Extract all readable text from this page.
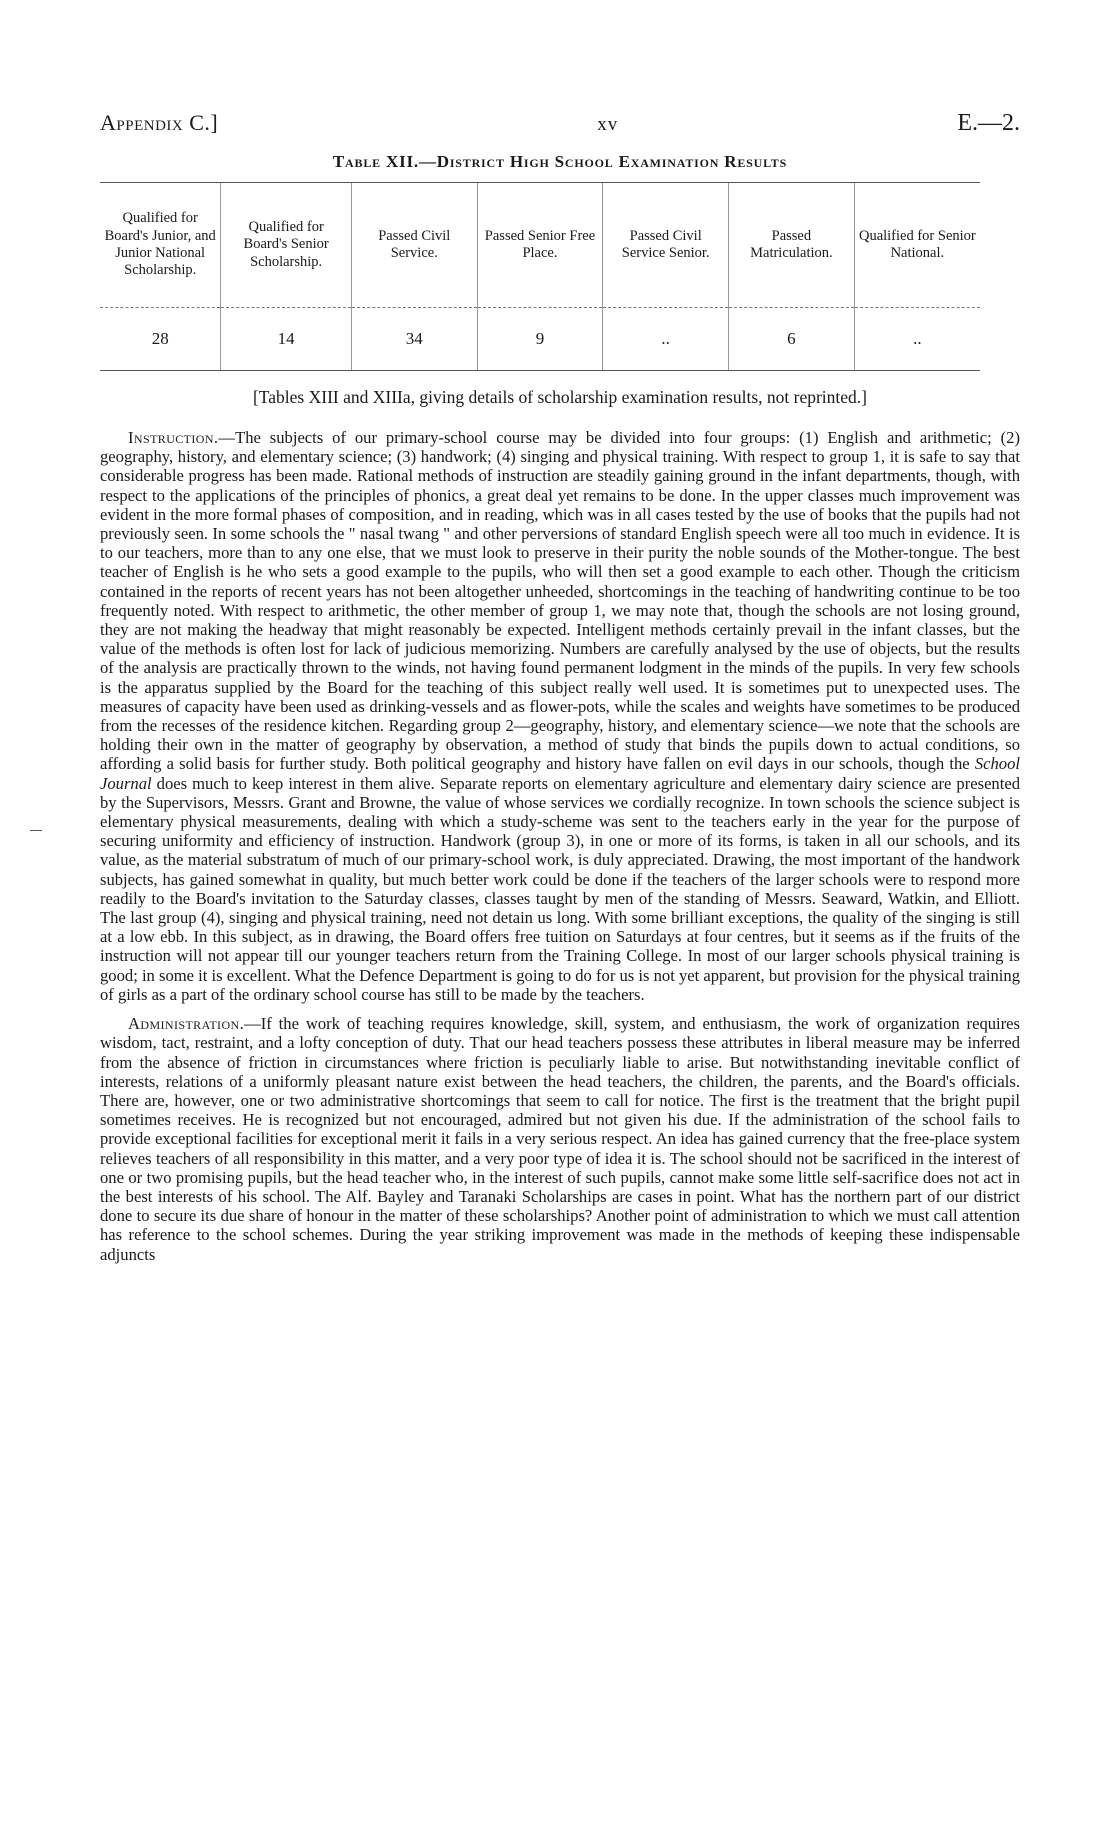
Appendix C.]	xv	E.—2.
Table XII.—District High School Examination Results
Qualified for Board's Junior, and Junior National Scholarship.	Qualified for Board's Senior Scholarship.	Passed Civil Service.	Passed Senior Free Place.	Passed Civil Service Senior.	Passed Matriculation.	Qualified for Senior National.
28	14	34	9	..	6	..
[Tables XIII and XIIIa, giving details of scholarship examination results, not reprinted.]

Instruction.—The subjects of our primary-school course may be divided into four groups: (1) English and arithmetic; (2) geography, history, and elementary science; (3) handwork; (4) singing and physical training. With respect to group 1, it is safe to say that considerable progress has been made. Rational methods of instruction are steadily gaining ground in the infant departments, though, with respect to the applications of the principles of phonics, a great deal yet remains to be done. In the upper classes much improvement was evident in the more formal phases of composition, and in reading, which was in all cases tested by the use of books that the pupils had not previously seen. In some schools the " nasal twang " and other perversions of standard English speech were all too much in evidence. It is to our teachers, more than to any one else, that we must look to preserve in their purity the noble sounds of the Mother-tongue. The best teacher of English is he who sets a good example to the pupils, who will then set a good example to each other. Though the criticism contained in the reports of recent years has not been altogether unheeded, shortcomings in the teaching of handwriting continue to be too frequently noted. With respect to arithmetic, the other member of group 1, we may note that, though the schools are not losing ground, they are not making the headway that might reasonably be expected. Intelligent methods certainly prevail in the infant classes, but the value of the methods is often lost for lack of judicious memorizing. Numbers are carefully analysed by the use of objects, but the results of the analysis are practically thrown to the winds, not having found permanent lodgment in the minds of the pupils. In very few schools is the apparatus supplied by the Board for the teaching of this subject really well used. It is sometimes put to unexpected uses. The measures of capacity have been used as drinking-vessels and as flower-pots, while the scales and weights have sometimes to be produced from the recesses of the residence kitchen. Regarding group 2—geography, history, and elementary science—we note that the schools are holding their own in the matter of geography by observation, a method of study that binds the pupils down to actual conditions, so affording a solid basis for further study. Both political geography and history have fallen on evil days in our schools, though the School Journal does much to keep interest in them alive. Separate reports on elementary agriculture and elementary dairy science are presented by the Supervisors, Messrs. Grant and Browne, the value of whose services we cordially recognize. In town schools the science subject is elementary physical measurements, dealing with which a study-scheme was sent to the teachers early in the year for the purpose of securing uniformity and efficiency of instruction. Handwork (group 3), in one or more of its forms, is taken in all our schools, and its value, as the material substratum of much of our primary-school work, is duly appreciated. Drawing, the most important of the handwork subjects, has gained somewhat in quality, but much better work could be done if the teachers of the larger schools were to respond more readily to the Board's invitation to the Saturday classes, classes taught by men of the standing of Messrs. Seaward, Watkin, and Elliott. The last group (4), singing and physical training, need not detain us long. With some brilliant exceptions, the quality of the singing is still at a low ebb. In this subject, as in drawing, the Board offers free tuition on Saturdays at four centres, but it seems as if the fruits of the instruction will not appear till our younger teachers return from the Training College. In most of our larger schools physical training is good; in some it is excellent. What the Defence Department is going to do for us is not yet apparent, but provision for the physical training of girls as a part of the ordinary school course has still to be made by the teachers.

Administration.—If the work of teaching requires knowledge, skill, system, and enthusiasm, the work of organization requires wisdom, tact, restraint, and a lofty conception of duty. That our head teachers possess these attributes in liberal measure may be inferred from the absence of friction in circumstances where friction is peculiarly liable to arise. But notwithstanding inevitable conflict of interests, relations of a uniformly pleasant nature exist between the head teachers, the children, the parents, and the Board's officials. There are, however, one or two administrative shortcomings that seem to call for notice. The first is the treatment that the bright pupil sometimes receives. He is recognized but not encouraged, admired but not given his due. If the administration of the school fails to provide exceptional facilities for exceptional merit it fails in a very serious respect. An idea has gained currency that the free-place system relieves teachers of all responsibility in this matter, and a very poor type of idea it is. The school should not be sacrificed in the interest of one or two promising pupils, but the head teacher who, in the interest of such pupils, cannot make some little self-sacrifice does not act in the best interests of his school. The Alf. Bayley and Taranaki Scholarships are cases in point. What has the northern part of our district done to secure its due share of honour in the matter of these scholarships? Another point of administration to which we must call attention has reference to the school schemes. During the year striking improvement was made in the methods of keeping these indispensable adjuncts
